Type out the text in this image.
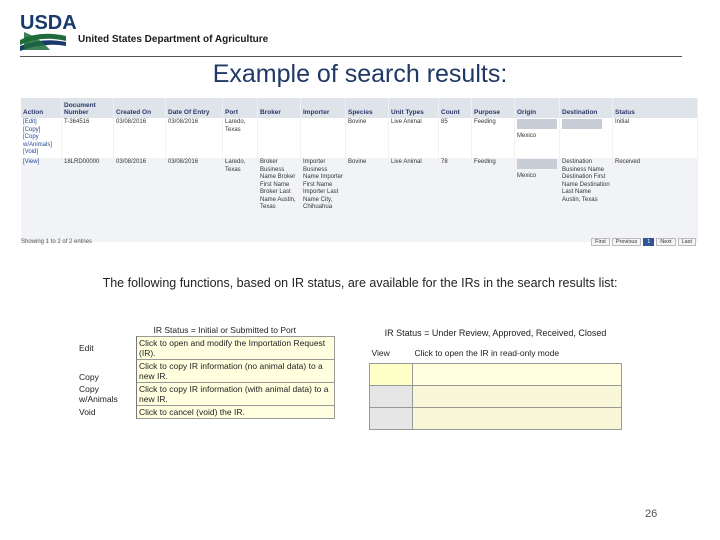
USDA
United States Department of Agriculture
Example of search results:
Action	Document Number	Created On	Date Of Entry	Port	Broker	Importer	Species	Unit Types	Count	Purpose	Origin	Destination	Status

[Edit]
[Copy]
[Copy w/Animals]
[Void]	T-364516	03/08/2016	03/08/2016	Laredo, Texas			Bovine	Live Animal	85	Feeding	Mexico		Initial

[View]	18LRD00000	03/08/2016	03/08/2016	Laredo, Texas	Broker Business Name Broker First Name Broker Last Name Austin, Texas	Importer Business Name Importer First Name Importer Last Name City, Chihuahua	Bovine	Live Animal	78	Feeding	Mexico	Destination Business Name Destination First Name Destination Last Name Austin, Texas	Received
Showing 1 to 2 of 2 entries	First	Previous	1	Next	Last
The following functions, based on IR status, are available for the IRs in the search results list:
IR Status = Initial or Submitted to Port	
Edit	Click to open and modify the Importation Request (IR).
Copy	Click to copy IR information (no animal data) to a new IR.
Copy w/Animals	Click to copy IR information (with animal data) to a new IR.
Void	Click to cancel (void) the IR.
IR Status = Under Review, Approved, Received, Closed
View	Click to open the IR in read-only mode

26
